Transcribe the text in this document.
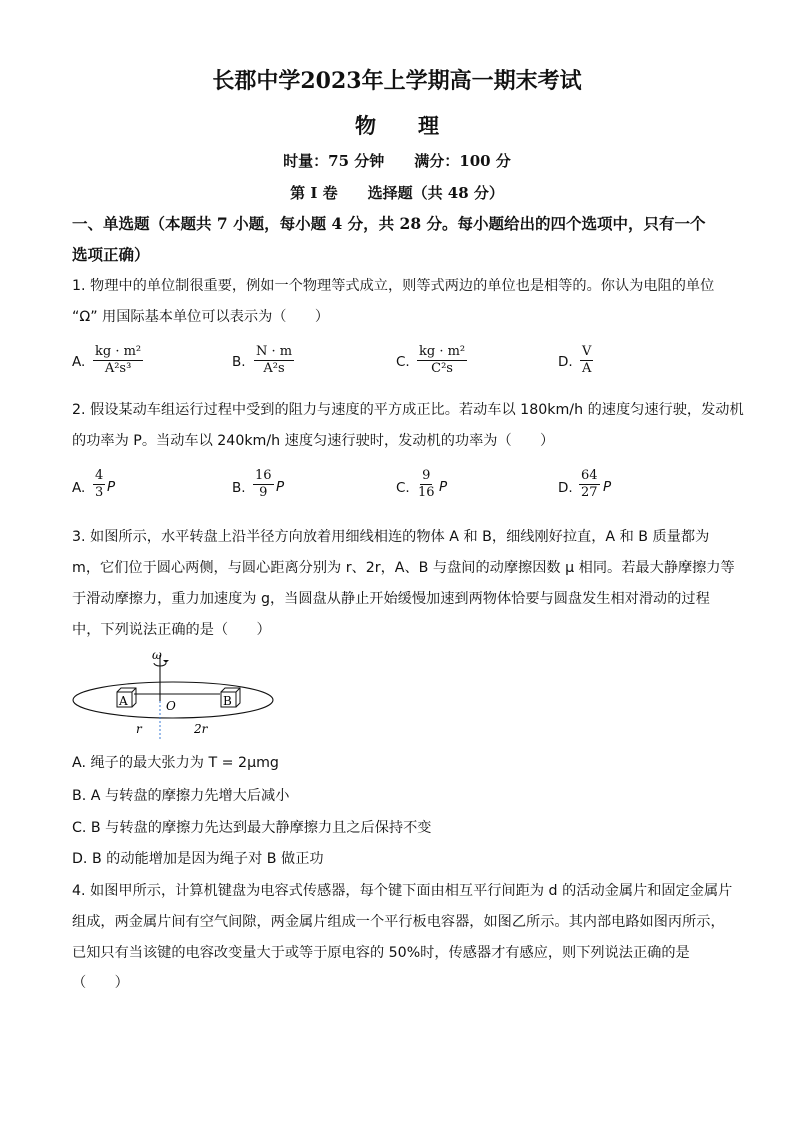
长郡中学2023年上学期高一期末考试
物　　理
时量：75 分钟　　满分：100 分
第 I 卷　　选择题（共 48 分）
一、单选题（本题共 7 小题，每小题 4 分，共 28 分。每小题给出的四个选项中，只有一个
选项正确）
1. 物理中的单位制很重要，例如一个物理等式成立，则等式两边的单位也是相等的。你认为电阻的单位
“Ω” 用国际基本单位可以表示为（　　）
A. $\frac{\text{kg · m²}}{\text{A²s³}}$	B. $\frac{N \cdot m}{\text{A²s}}$	C. $\frac{\text{kg · m²}}{\text{C²s}}$	D. $\frac{V}{A}$
2. 假设某动车组运行过程中受到的阻力与速度的平方成正比。若动车以 180km/h 的速度匀速行驶，发动机
的功率为 P。当动车以 240km/h 速度匀速行驶时，发动机的功率为（　　）
A. $\frac{4}{3}$ P	B. $\frac{16}{9}$ P	C. $\frac{9}{16}$ P	D. $\frac{64}{27}$ P
3. 如图所示，水平转盘上沿半径方向放着用细线相连的物体 A 和 B，细线刚好拉直，A 和 B 质量都为
m，它们位于圆心两侧，与圆心距离分别为 r、2r，A、B 与盘间的动摩擦因数 μ 相同。若最大静摩擦力等
于滑动摩擦力，重力加速度为 g，当圆盘从静止开始缓慢加速到两物体恰要与圆盘发生相对滑动的过程
中，下列说法正确的是（　　）
ω
A	B
O
r	2r
A. 绳子的最大张力为 T = 2μmg
B. A 与转盘的摩擦力先增大后减小
C. B 与转盘的摩擦力先达到最大静摩擦力且之后保持不变
D. B 的动能增加是因为绳子对 B 做正功
4. 如图甲所示，计算机键盘为电容式传感器，每个键下面由相互平行间距为 d 的活动金属片和固定金属片
组成，两金属片间有空气间隙，两金属片组成一个平行板电容器，如图乙所示。其内部电路如图丙所示，
已知只有当该键的电容改变量大于或等于原电容的 50%时，传感器才有感应，则下列说法正确的是
（　　）
